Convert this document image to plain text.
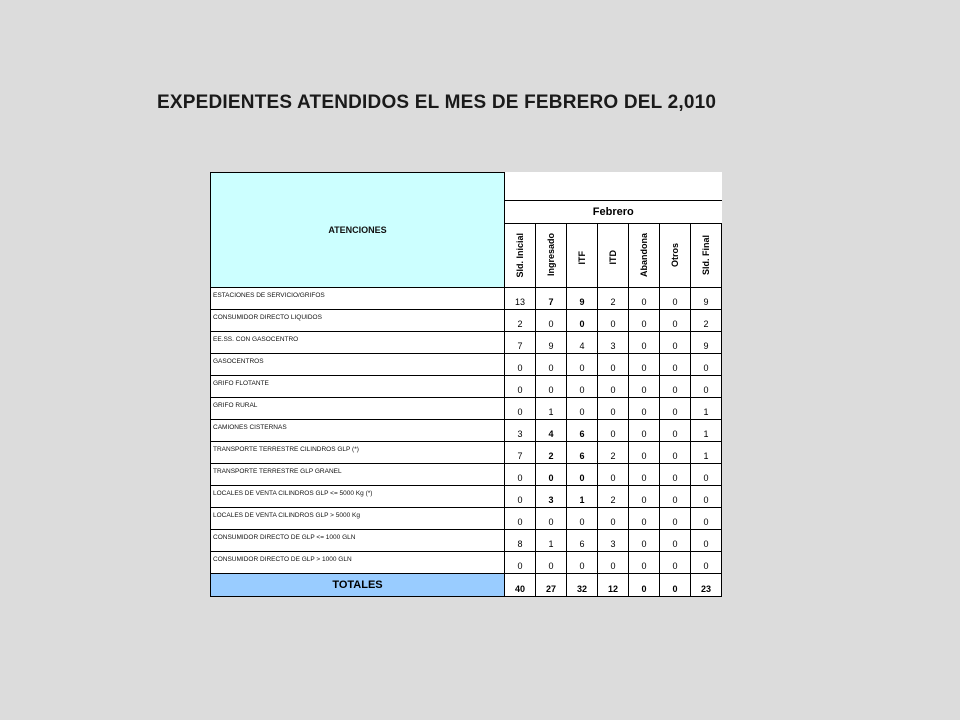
EXPEDIENTES ATENDIDOS EL MES DE FEBRERO DEL 2,010
ATENCIONES							
	Febrero						
	Sld. Inicial	Ingresado	ITF	ITD	Abandona	Otros	Sld. Final
ESTACIONES DE SERVICIO/GRIFOS	13	7	9	2	0	0	9
CONSUMIDOR DIRECTO LIQUIDOS	2	0	0	0	0	0	2
EE.SS. CON GASOCENTRO	7	9	4	3	0	0	9
GASOCENTROS	0	0	0	0	0	0	0
GRIFO FLOTANTE	0	0	0	0	0	0	0
GRIFO RURAL	0	1	0	0	0	0	1
CAMIONES CISTERNAS	3	4	6	0	0	0	1
TRANSPORTE TERRESTRE CILINDROS GLP (*)	7	2	6	2	0	0	1
TRANSPORTE TERRESTRE GLP GRANEL	0	0	0	0	0	0	0
LOCALES DE VENTA CILINDROS GLP <= 5000 Kg (*)	0	3	1	2	0	0	0
LOCALES DE VENTA CILINDROS GLP > 5000 Kg	0	0	0	0	0	0	0
CONSUMIDOR DIRECTO DE GLP <= 1000 GLN	8	1	6	3	0	0	0
CONSUMIDOR DIRECTO DE GLP > 1000 GLN	0	0	0	0	0	0	0
TOTALES	40	27	32	12	0	0	23
